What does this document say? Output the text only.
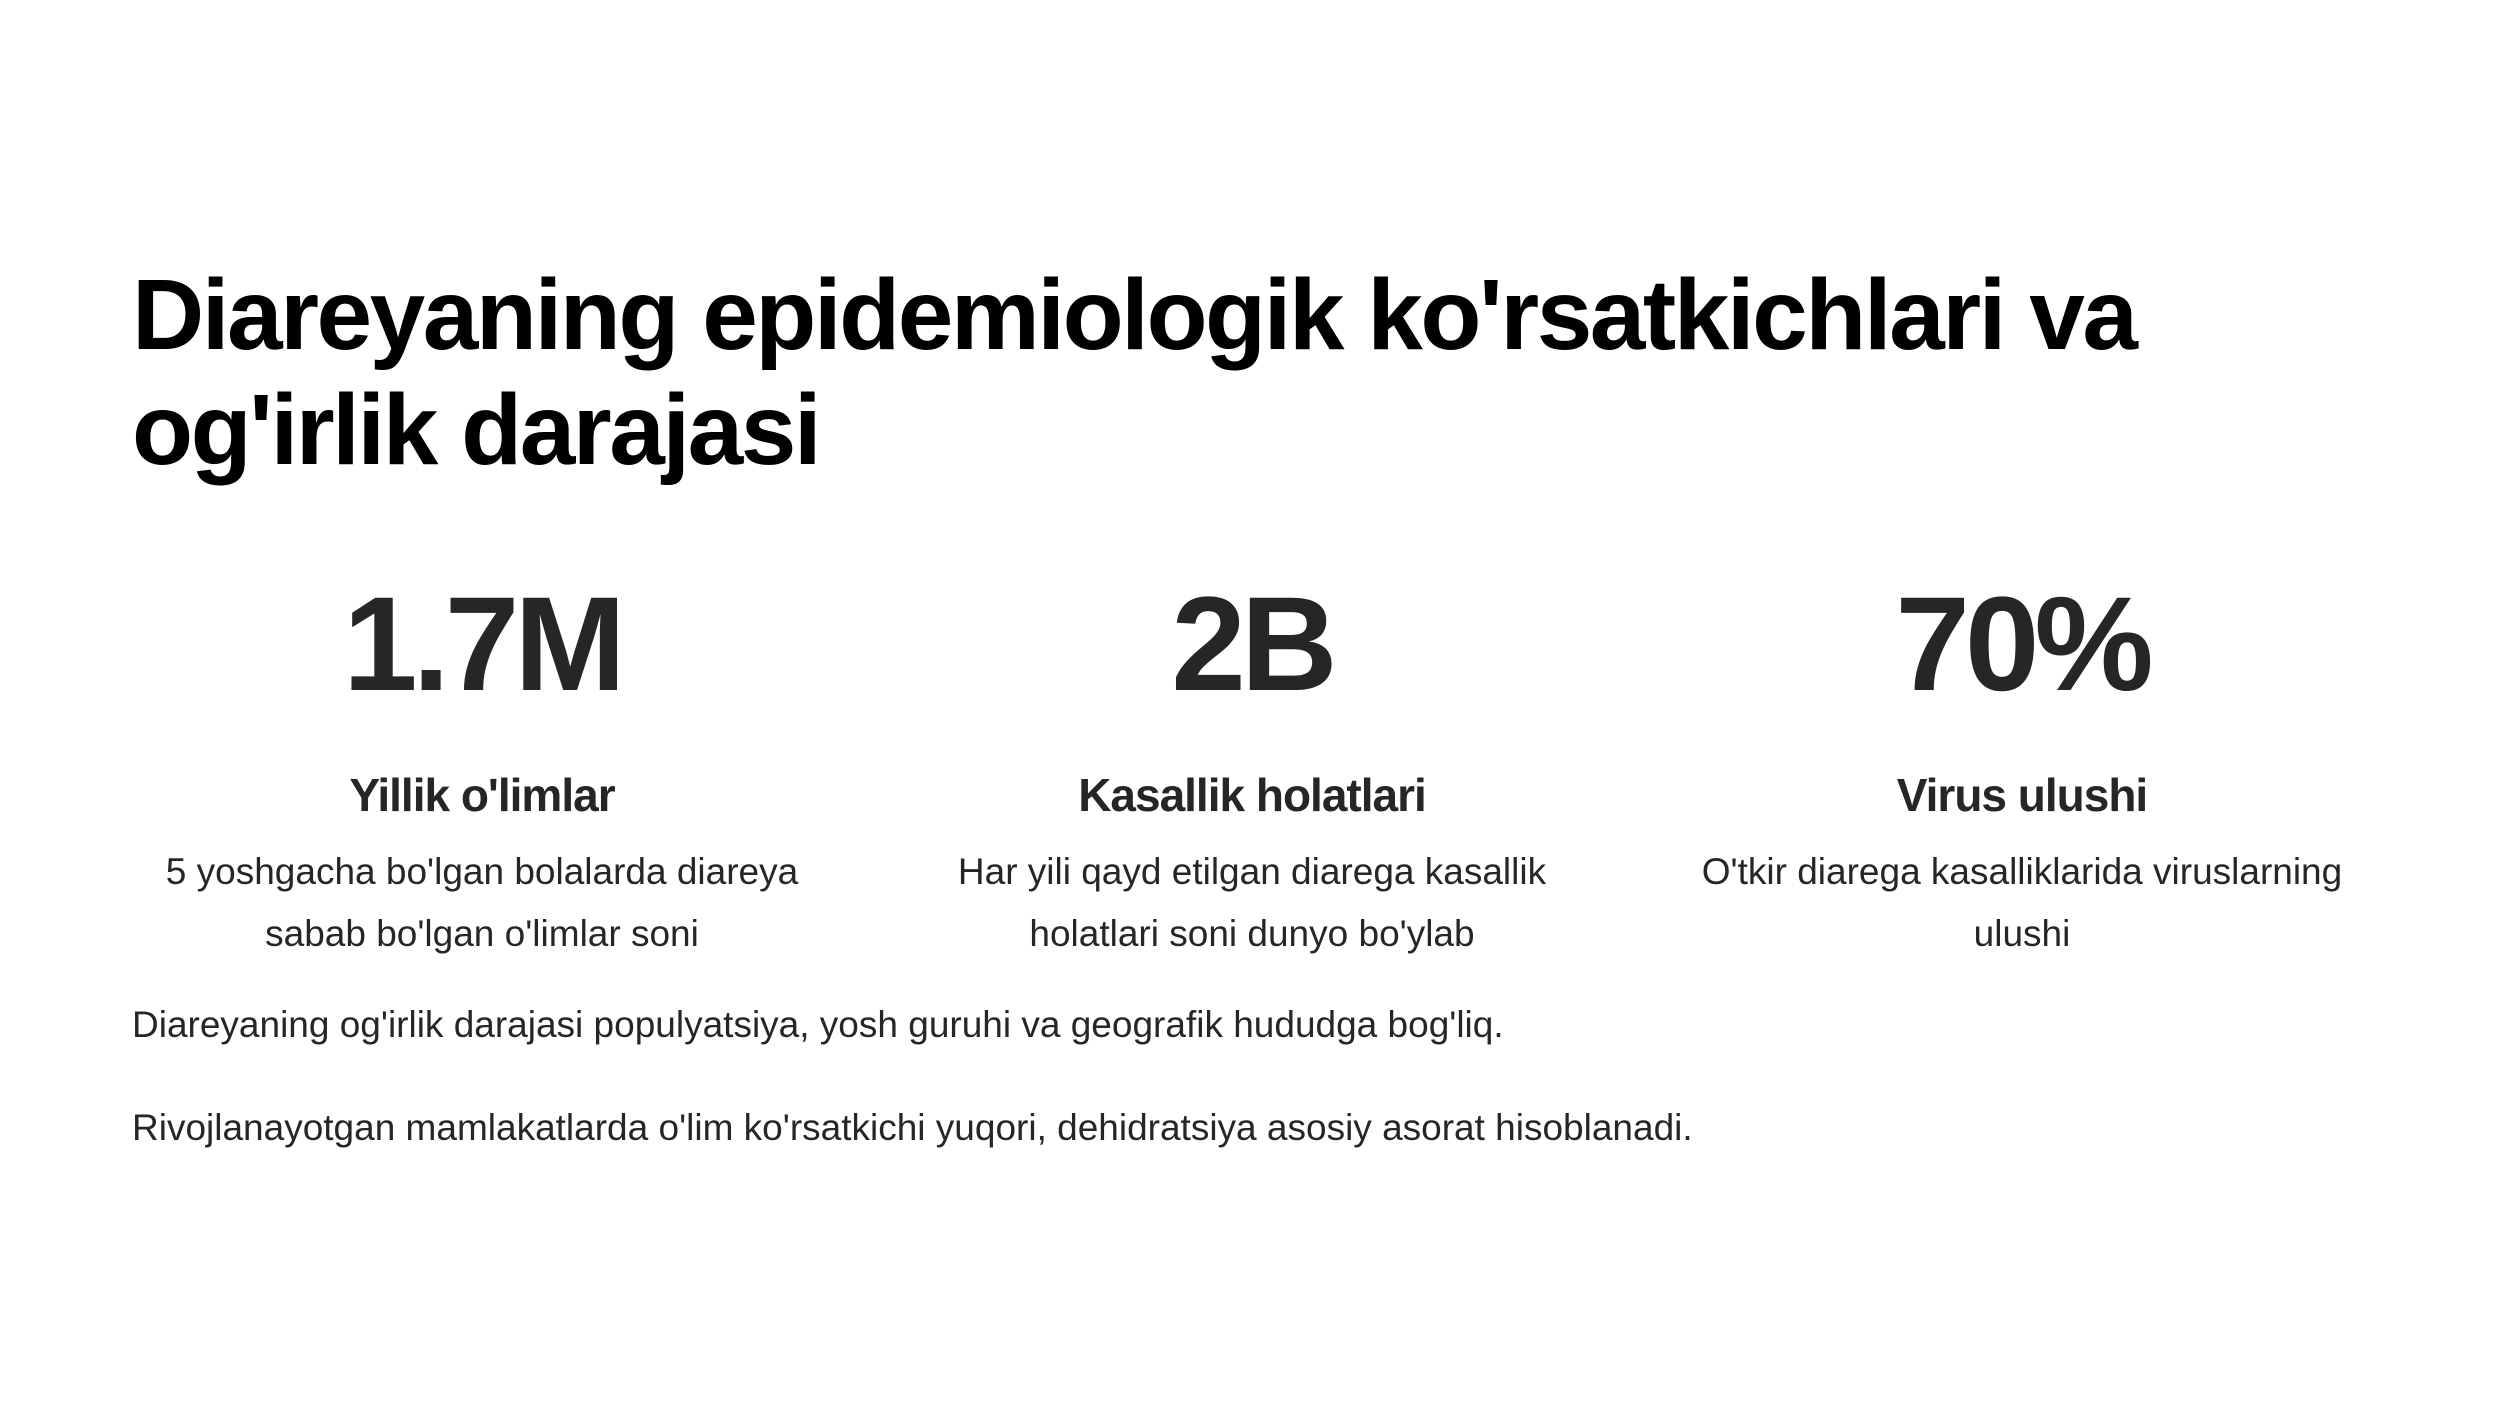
Diareyaning epidemiologik ko'rsatkichlari va og'irlik darajasi
1.7M
Yillik o'limlar
5 yoshgacha bo'lgan bolalarda diareya sabab bo'lgan o'limlar soni
2B
Kasallik holatlari
Har yili qayd etilgan diarega kasallik holatlari soni dunyo bo'ylab
70%
Virus ulushi
O'tkir diarega kasalliklarida viruslarning ulushi

Diareyaning og'irlik darajasi populyatsiya, yosh guruhi va geografik hududga bog'liq.

Rivojlanayotgan mamlakatlarda o'lim ko'rsatkichi yuqori, dehidratsiya asosiy asorat hisoblanadi.
